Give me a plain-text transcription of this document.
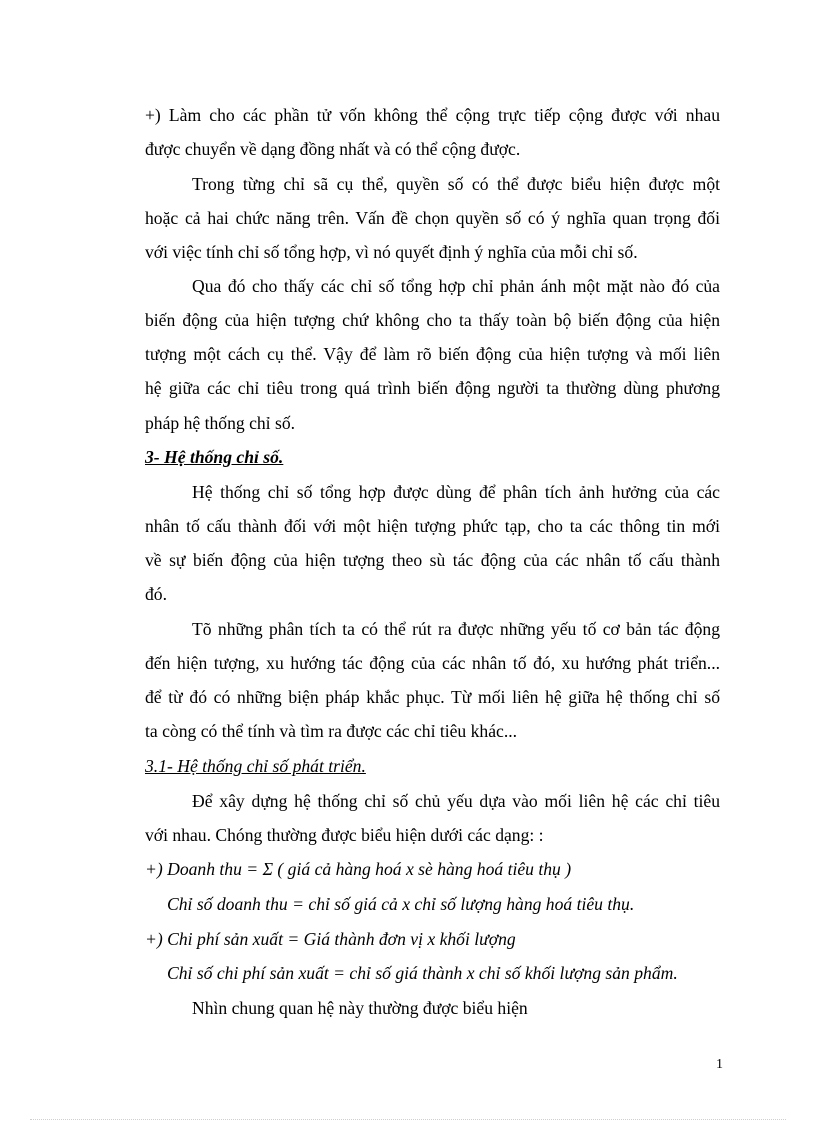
+) Làm cho các phần tử vốn không thể cộng trực tiếp cộng được với nhau
được chuyển về dạng đồng nhất và có thể cộng được.
Trong từng chỉ sã cụ thể, quyền số có thể được biểu hiện được một
hoặc cả hai chức năng trên. Vấn đề chọn quyền số có ý nghĩa quan trọng đối
với việc tính chỉ số tổng hợp, vì nó quyết định ý nghĩa của mỗi chỉ số.
Qua đó cho thấy các chỉ số tổng hợp chỉ phản ánh một mặt nào đó của
biến động của hiện tượng chứ không cho ta thấy toàn bộ biến động của hiện
tượng một cách cụ thể. Vậy để làm rõ biến động của hiện tượng và mối liên
hệ giữa các chỉ tiêu trong quá trình biến động người ta thường dùng phương
pháp hệ thống chỉ số.
3- Hệ thống chỉ số.
Hệ thống chỉ số tổng hợp được dùng để phân tích ảnh hưởng của các
nhân tố cấu thành đối với một hiện tượng phức tạp, cho ta các thông tin mới
về sự biến động của hiện tượng theo sù tác động của các nhân tố cấu thành
đó.
Tõ những phân tích ta có thể rút ra được những yếu tố cơ bản tác động
đến hiện tượng, xu hướng tác động của các nhân tố đó, xu hướng phát triển...
để từ đó có những biện pháp khắc phục. Từ mối liên hệ giữa hệ thống chỉ số
ta còng có thể tính và tìm ra được các chỉ tiêu khác...
3.1- Hệ thống chỉ số phát triển.
Để xây dựng hệ thống chỉ số chủ yếu dựa vào mối liên hệ các chỉ tiêu
với nhau. Chóng thường được biểu hiện dưới các dạng: :
+) Doanh thu = Σ ( giá cả hàng hoá x sè hàng hoá tiêu thụ )
Chỉ số doanh thu = chỉ số giá cả x chỉ số lượng hàng hoá tiêu thụ.
+) Chi phí sản xuất = Giá thành đơn vị x khối lượng
Chỉ số chi phí sản xuất = chỉ số giá thành x chỉ số khối lượng sản phẩm.
Nhìn chung quan hệ này thường được biểu hiện
1
